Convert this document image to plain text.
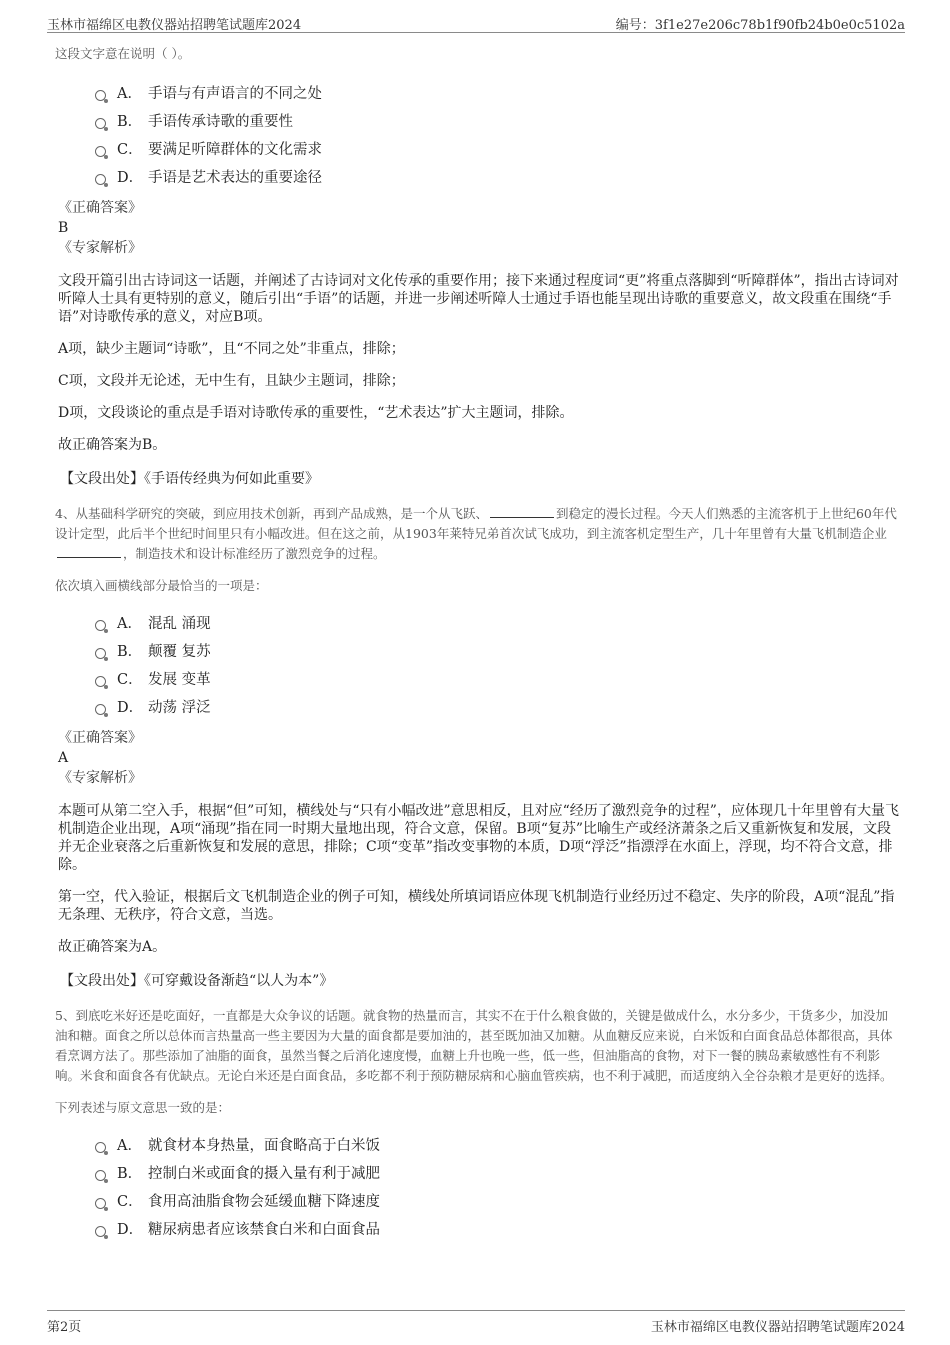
玉林市福绵区电教仪器站招聘笔试题库2024	编号：3f1e27e206c78b1f90fb24b0e0c5102a
这段文字意在说明（ ）。
A． 手语与有声语言的不同之处
B． 手语传承诗歌的重要性
C． 要满足听障群体的文化需求
D． 手语是艺术表达的重要途径
《正确答案》
B
《专家解析》
文段开篇引出古诗词这一话题，并阐述了古诗词对文化传承的重要作用；接下来通过程度词“更”将重点落脚到“听障群体”，指出古诗词对听障人士具有更特别的意义，随后引出“手语”的话题，并进一步阐述听障人士通过手语也能呈现出诗歌的重要意义，故文段重在围绕“手语”对诗歌传承的意义，对应B项。
A项，缺少主题词“诗歌”，且“不同之处”非重点，排除；
C项，文段并无论述，无中生有，且缺少主题词，排除；
D项，文段谈论的重点是手语对诗歌传承的重要性，“艺术表达”扩大主题词，排除。
故正确答案为B。
【文段出处】《手语传经典为何如此重要》
4、从基础科学研究的突破，到应用技术创新，再到产品成熟，是一个从飞跃、	到稳定的漫长过程。今天人们熟悉的主流客机于上世纪60年代设计定型，此后半个世纪时间里只有小幅改进。但在这之前，从1903年莱特兄弟首次试飞成功，到主流客机定型生产，几十年里曾有大量飞机制造企业，制造技术和设计标准经历了激烈竞争的过程。
依次填入画横线部分最恰当的一项是：
A． 混乱 涌现
B． 颠覆 复苏
C． 发展 变革
D． 动荡 浮泛
《正确答案》
A
《专家解析》
本题可从第二空入手，根据“但”可知，横线处与“只有小幅改进”意思相反，且对应“经历了激烈竞争的过程”，应体现几十年里曾有大量飞机制造企业出现，A项“涌现”指在同一时期大量地出现，符合文意，保留。B项“复苏”比喻生产或经济萧条之后又重新恢复和发展，文段并无企业衰落之后重新恢复和发展的意思，排除；C项“变革”指改变事物的本质，D项“浮泛”指漂浮在水面上，浮现，均不符合文意，排除。
第一空，代入验证，根据后文飞机制造企业的例子可知，横线处所填词语应体现飞机制造行业经历过不稳定、失序的阶段，A项“混乱”指无条理、无秩序，符合文意，当选。
故正确答案为A。
【文段出处】《可穿戴设备渐趋“以人为本”》
5、到底吃米好还是吃面好，一直都是大众争议的话题。就食物的热量而言，其实不在于什么粮食做的，关键是做成什么，水分多少，干货多少，加没加油和糖。面食之所以总体而言热量高一些主要因为大量的面食都是要加油的，甚至既加油又加糖。从血糖反应来说，白米饭和白面食品总体都很高，具体看烹调方法了。那些添加了油脂的面食，虽然当餐之后消化速度慢，血糖上升也晚一些，低一些，但油脂高的食物，对下一餐的胰岛素敏感性有不利影响。米食和面食各有优缺点。无论白米还是白面食品，多吃都不利于预防糖尿病和心脑血管疾病，也不利于减肥，而适度纳入全谷杂粮才是更好的选择。
下列表述与原文意思一致的是：
A． 就食材本身热量，面食略高于白米饭
B． 控制白米或面食的摄入量有利于减肥
C． 食用高油脂食物会延缓血糖下降速度
D． 糖尿病患者应该禁食白米和白面食品
第2页	玉林市福绵区电教仪器站招聘笔试题库2024
